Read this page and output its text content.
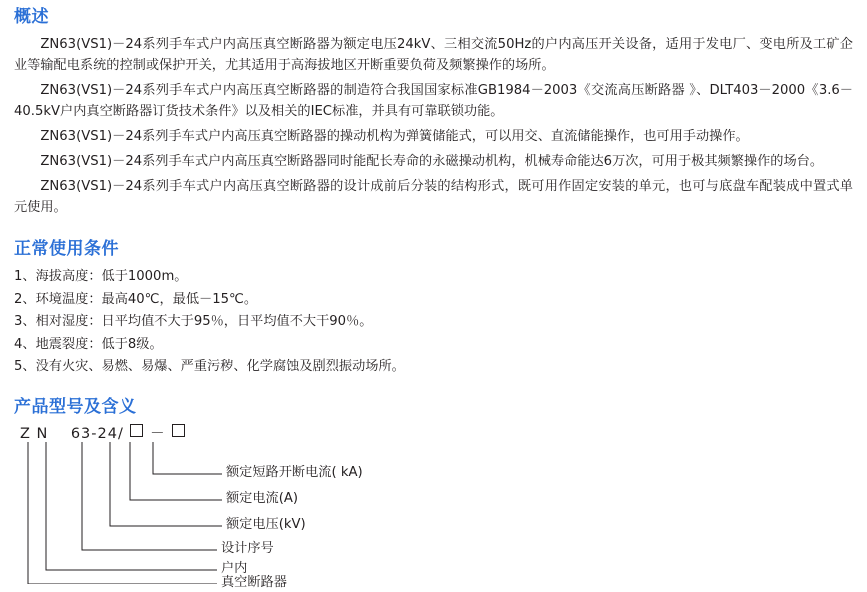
概述

ZN63(VS1)－24系列手车式户内高压真空断路器为额定电压24kV、三相交流50Hz的户内高压开关设备，适用于发电厂、变电所及工矿企业等输配电系统的控制或保护开关，尤其适用于高海拔地区开断重要负荷及频繁操作的场所。

ZN63(VS1)－24系列手车式户内高压真空断路器的制造符合我国国家标准GB1984－2003《交流高压断路器 》、DLT403－2000《3.6－40.5kV户内真空断路器订货技术条件》以及相关的IEC标准，并具有可靠联锁功能。

ZN63(VS1)－24系列手车式户内高压真空断路器的操动机构为弹簧储能式，可以用交、直流储能操作，也可用手动操作。

ZN63(VS1)－24系列手车式户内高压真空断路器同时能配长寿命的永磁操动机构，机械寿命能达6万次，可用于极其频繁操作的场台。

ZN63(VS1)－24系列手车式户内高压真空断路器的设计成前后分装的结构形式，既可用作固定安装的单元，也可与底盘车配装成中置式单元使用。

正常使用条件
1、海拔高度：低于1000m。
2、环境温度：最高40℃，最低－15℃。
3、相对湿度：日平均值不大于95％，日平均值不大干90％。
4、地震裂度：低于8级。
5、没有火灾、易燃、易爆、严重污秽、化学腐蚀及剧烈振动场所。
产品型号及含义
Z N 63-24/ －
额定短路开断电流( kA)
额定电流(A)
额定电压(kV)
设计序号
户内
真空断路器
